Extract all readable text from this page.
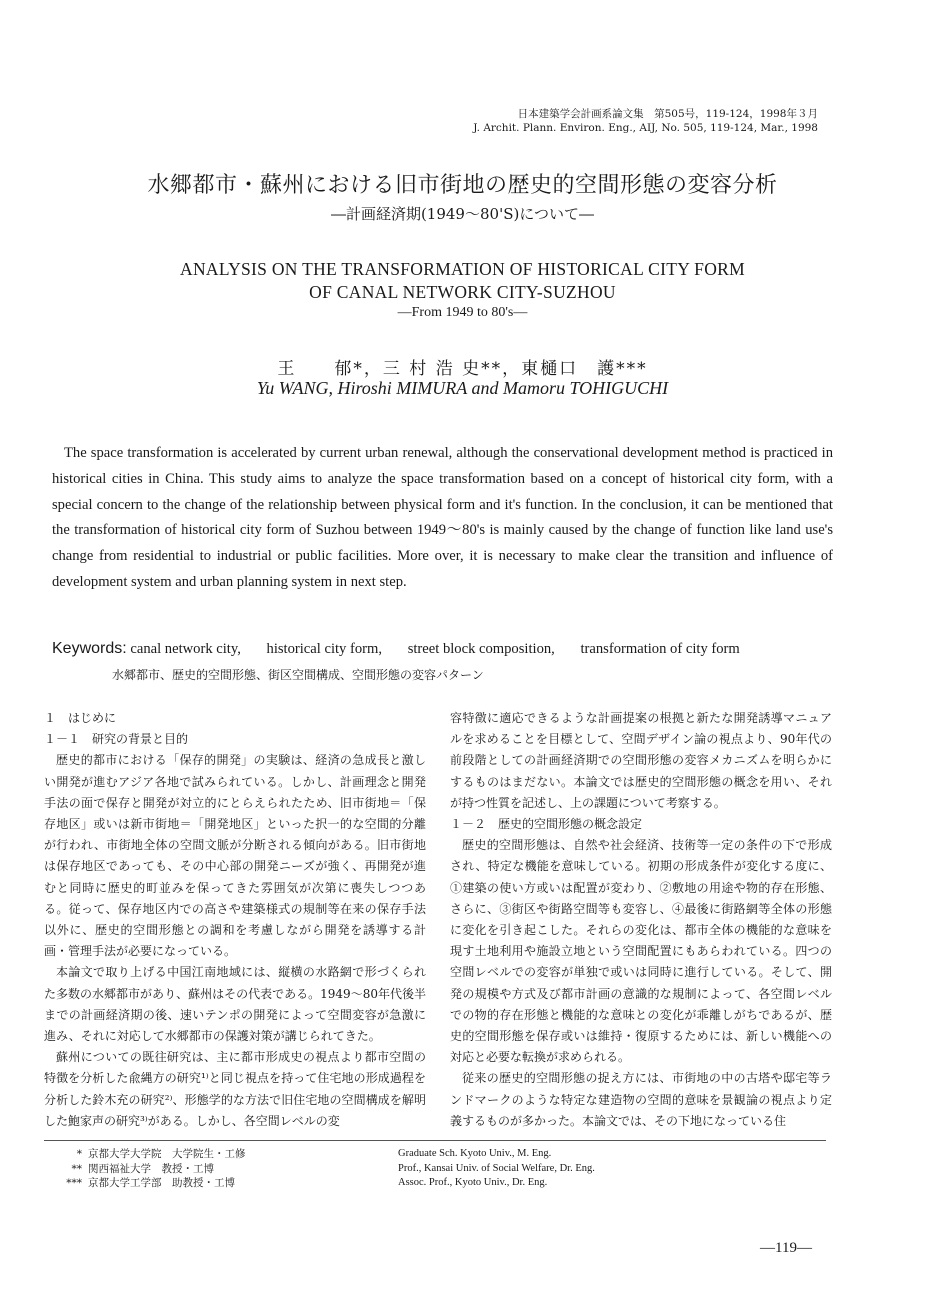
日本建築学会計画系論文集　第505号，119-124，1998年３月
J. Archit. Plann. Environ. Eng., AIJ, No. 505, 119-124, Mar., 1998
水郷都市・蘇州における旧市街地の歴史的空間形態の変容分析
―計画経済期(1949～80'S)について―
ANALYSIS ON THE TRANSFORMATION OF HISTORICAL CITY FORM
OF CANAL NETWORK CITY-SUZHOU
―From 1949 to 80's―
王　　郁*，三 村 浩 史**，東樋口　護***
Yu WANG, Hiroshi MIMURA and Mamoru TOHIGUCHI
The space transformation is accelerated by current urban renewal, although the conservational development method is practiced in historical cities in China. This study aims to analyze the space transformation based on a concept of historical city form, with a special concern to the change of the relationship between physical form and it's function. In the conclusion, it can be mentioned that the transformation of historical city form of Suzhou between 1949～80's is mainly caused by the change of function like land use's change from residential to industrial or public facilities. More over, it is necessary to make clear the transition and influence of development system and urban planning system in next step.
Keywords: canal network city, historical city form, street block composition, transformation of city form
水郷都市、歴史的空間形態、街区空間構成、空間形態の変容パターン

１　はじめに

１－１　研究の背景と目的

歴史的都市における「保存的開発」の実験は、経済の急成長と激しい開発が進むアジア各地で試みられている。しかし、計画理念と開発手法の面で保存と開発が対立的にとらえられたため、旧市街地＝「保存地区」或いは新市街地＝「開発地区」といった択一的な空間的分離が行われ、市街地全体の空間文脈が分断される傾向がある。旧市街地は保存地区であっても、その中心部の開発ニーズが強く、再開発が進むと同時に歴史的町並みを保ってきた雰囲気が次第に喪失しつつある。従って、保存地区内での高さや建築様式の規制等在来の保存手法以外に、歴史的空間形態との調和を考慮しながら開発を誘導する計画・管理手法が必要になっている。

本論文で取り上げる中国江南地域には、縦横の水路網で形づくられた多数の水郷都市があり、蘇州はその代表である。1949～80年代後半までの計画経済期の後、速いテンポの開発によって空間変容が急激に進み、それに対応して水郷都市の保護対策が講じられてきた。

蘇州についての既往研究は、主に都市形成史の視点より都市空間の特徴を分析した兪縄方の研究¹⁾と同じ視点を持って住宅地の形成過程を分析した鈴木充の研究²⁾、形態学的な方法で旧住宅地の空間構成を解明した鮑家声の研究³⁾がある。しかし、各空間レベルの変

容特徴に適応できるような計画提案の根拠と新たな開発誘導マニュアルを求めることを目標として、空間デザイン論の視点より、90年代の前段階としての計画経済期での空間形態の変容メカニズムを明らかにするものはまだない。本論文では歴史的空間形態の概念を用い、それが持つ性質を記述し、上の課題について考察する。

１－２　歴史的空間形態の概念設定

歴史的空間形態は、自然や社会経済、技術等一定の条件の下で形成され、特定な機能を意味している。初期の形成条件が変化する度に、①建築の使い方或いは配置が変わり、②敷地の用途や物的存在形態、さらに、③街区や街路空間等も変容し、④最後に街路網等全体の形態に変化を引き起こした。それらの変化は、都市全体の機能的な意味を現す土地利用や施設立地という空間配置にもあらわれている。四つの空間レベルでの変容が単独で或いは同時に進行している。そして、開発の規模や方式及び都市計画の意識的な規制によって、各空間レベルでの物的存在形態と機能的な意味との変化が乖離しがちであるが、歴史的空間形態を保存或いは維持・復原するためには、新しい機能への対応と必要な転換が求められる。

従来の歴史的空間形態の捉え方には、市街地の中の古塔や邸宅等ランドマークのような特定な建造物の空間的意味を景観論の視点より定義するものが多かった。本論文では、その下地になっている住

* 京都大学大学院　大学院生・工修
** 関西福祉大学　教授・工博
*** 京都大学工学部　助教授・工博
Graduate Sch. Kyoto Univ., M. Eng.
Prof., Kansai Univ. of Social Welfare, Dr. Eng.
Assoc. Prof., Kyoto Univ., Dr. Eng.
―119―
